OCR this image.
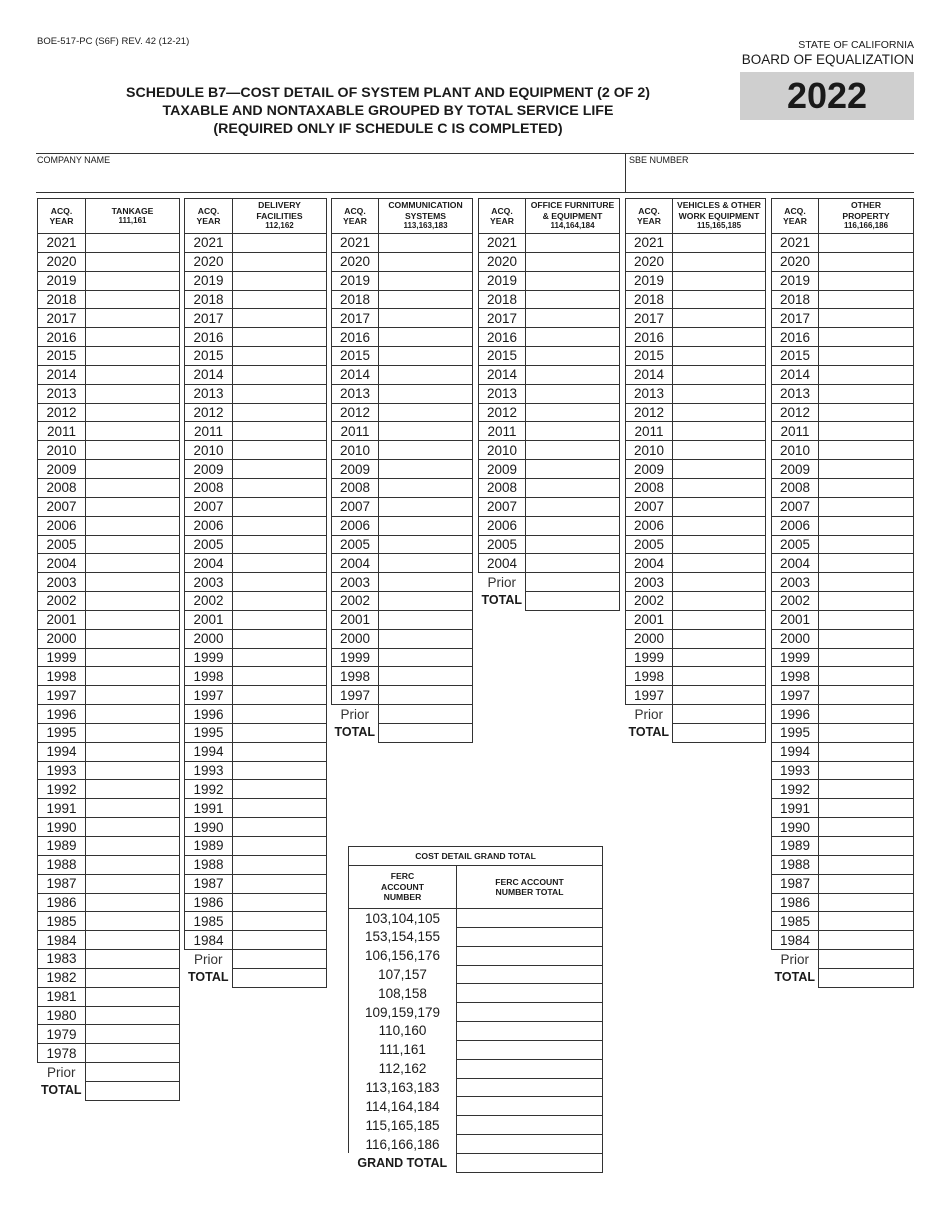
BOE-517-PC (S6F) REV. 42 (12-21)	STATE OF CALIFORNIA
BOARD OF EQUALIZATION
2022
SCHEDULE B7—COST DETAIL OF SYSTEM PLANT AND EQUIPMENT (2 OF 2)
TAXABLE AND NONTAXABLE GROUPED BY TOTAL SERVICE LIFE
(REQUIRED ONLY IF SCHEDULE C IS COMPLETED)
COMPANY NAME	SBE NUMBER
ACQ.
YEAR	TANKAGE

111,161

2021	
2020	
2019	
2018	
2017	
2016	
2015	
2014	
2013	
2012	
2011	
2010	
2009	
2008	
2007	
2006	
2005	
2004	
2003	
2002	
2001	
2000	
1999	
1998	
1997	
1996	
1995	
1994	
1993	
1992	
1991	
1990	
1989	
1988	
1987	
1986	
1985	
1984	
1983	
1982	
1981	
1980	
1979	
1978	
Prior	
TOTAL	
ACQ.
YEAR	DELIVERY
FACILITIES

112,162

2021	
2020	
2019	
2018	
2017	
2016	
2015	
2014	
2013	
2012	
2011	
2010	
2009	
2008	
2007	
2006	
2005	
2004	
2003	
2002	
2001	
2000	
1999	
1998	
1997	
1996	
1995	
1994	
1993	
1992	
1991	
1990	
1989	
1988	
1987	
1986	
1985	
1984	
Prior	
TOTAL	
ACQ.
YEAR	COMMUNICATION
SYSTEMS

113,163,183

2021	
2020	
2019	
2018	
2017	
2016	
2015	
2014	
2013	
2012	
2011	
2010	
2009	
2008	
2007	
2006	
2005	
2004	
2003	
2002	
2001	
2000	
1999	
1998	
1997	
Prior	
TOTAL	
ACQ.
YEAR	OFFICE FURNITURE
& EQUIPMENT

114,164,184

2021	
2020	
2019	
2018	
2017	
2016	
2015	
2014	
2013	
2012	
2011	
2010	
2009	
2008	
2007	
2006	
2005	
2004	
Prior	
TOTAL	
ACQ.
YEAR	VEHICLES & OTHER
WORK EQUIPMENT

115,165,185

2021	
2020	
2019	
2018	
2017	
2016	
2015	
2014	
2013	
2012	
2011	
2010	
2009	
2008	
2007	
2006	
2005	
2004	
2003	
2002	
2001	
2000	
1999	
1998	
1997	
Prior	
TOTAL	
ACQ.
YEAR	OTHER
PROPERTY

116,166,186

2021	
2020	
2019	
2018	
2017	
2016	
2015	
2014	
2013	
2012	
2011	
2010	
2009	
2008	
2007	
2006	
2005	
2004	
2003	
2002	
2001	
2000	
1999	
1998	
1997	
1996	
1995	
1994	
1993	
1992	
1991	
1990	
1989	
1988	
1987	
1986	
1985	
1984	
Prior	
TOTAL	
COST DETAIL GRAND TOTAL	
FERC
ACCOUNT
NUMBER	FERC ACCOUNT
NUMBER TOTAL
103,104,105	
153,154,155	
106,156,176	
107,157	
108,158	
109,159,179	
110,160	
111,161	
112,162	
113,163,183	
114,164,184	
115,165,185	
116,166,186	
GRAND TOTAL	
